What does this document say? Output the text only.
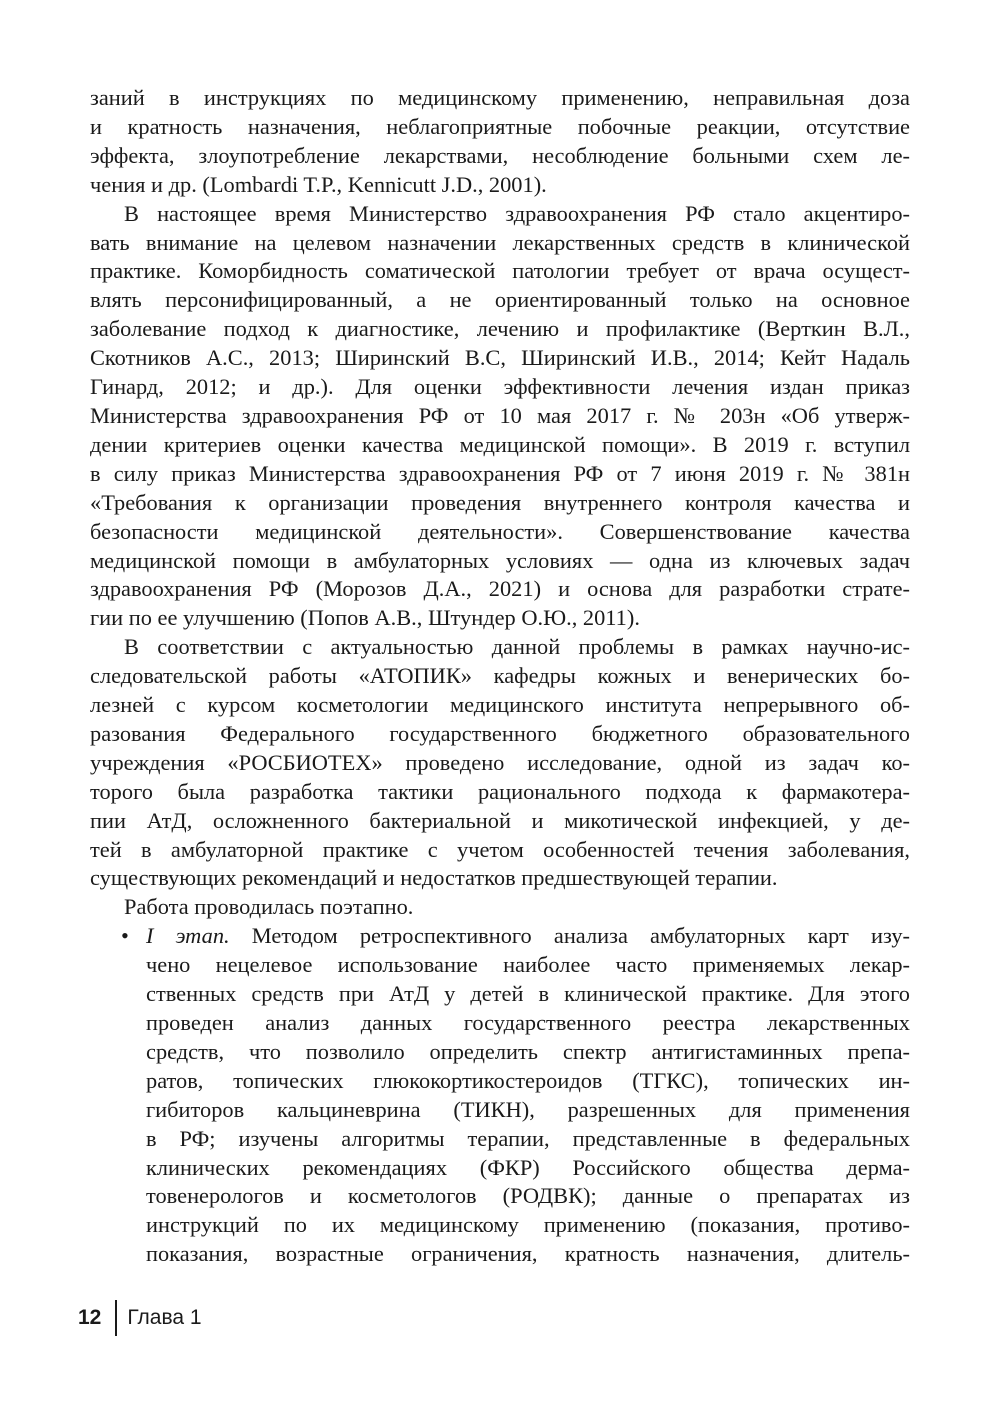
заний в инструкциях по медицинскому применению, неправильная доза
и кратность назначения, неблагоприятные побочные реакции, отсутствие
эффекта, злоупотребление лекарствами, несоблюдение больными схем ле-
чения и др. (Lombardi T.P., Kennicutt J.D., 2001).
В настоящее время Министерство здравоохранения РФ стало акцентиро-
вать внимание на целевом назначении лекарственных средств в клинической
практике. Коморбидность соматической патологии требует от врача осущест-
влять персонифицированный, а не ориентированный только на основное
заболевание подход к диагностике, лечению и профилактике (Верткин В.Л.,
Скотников А.С., 2013; Ширинский В.С, Ширинский И.В., 2014; Кейт Надаль
Гинард, 2012; и др.). Для оценки эффективности лечения издан приказ
Министерства здравоохранения РФ от 10 мая 2017 г. № 203н «Об утверж-
дении критериев оценки качества медицинской помощи». В 2019 г. вступил
в силу приказ Министерства здравоохранения РФ от 7 июня 2019 г. № 381н
«Требования к организации проведения внутреннего контроля качества и
безопасности медицинской деятельности». Совершенствование качества
медицинской помощи в амбулаторных условиях — одна из ключевых задач
здравоохранения РФ (Морозов Д.А., 2021) и основа для разработки страте-
гии по ее улучшению (Попов А.В., Штундер О.Ю., 2011).
В соответствии с актуальностью данной проблемы в рамках научно-ис-
следовательской работы «АТОПИК» кафедры кожных и венерических бо-
лезней с курсом косметологии медицинского института непрерывного об-
разования Федерального государственного бюджетного образовательного
учреждения «РОСБИОТЕХ» проведено исследование, одной из задач ко-
торого была разработка тактики рационального подхода к фармакотера-
пии АтД, осложненного бактериальной и микотической инфекцией, у де-
тей в амбулаторной практике с учетом особенностей течения заболевания,
существующих рекомендаций и недостатков предшествующей терапии.
Работа проводилась поэтапно.
• I этап. Методом ретроспективного анализа амбулаторных карт изу-
чено нецелевое использование наиболее часто применяемых лекар-
ственных средств при АтД у детей в клинической практике. Для этого
проведен анализ данных государственного реестра лекарственных
средств, что позволило определить спектр антигистаминных препа-
ратов, топических глюкокортикостероидов (ТГКС), топических ин-
гибиторов кальциневрина (ТИКН), разрешенных для применения
в РФ; изучены алгоритмы терапии, представленные в федеральных
клинических рекомендациях (ФКР) Российского общества дерма-
товенерологов и косметологов (РОДВК); данные о препаратах из
инструкций по их медицинскому применению (показания, противо-
показания, возрастные ограничения, кратность назначения, длитель-
12 Глава 1
